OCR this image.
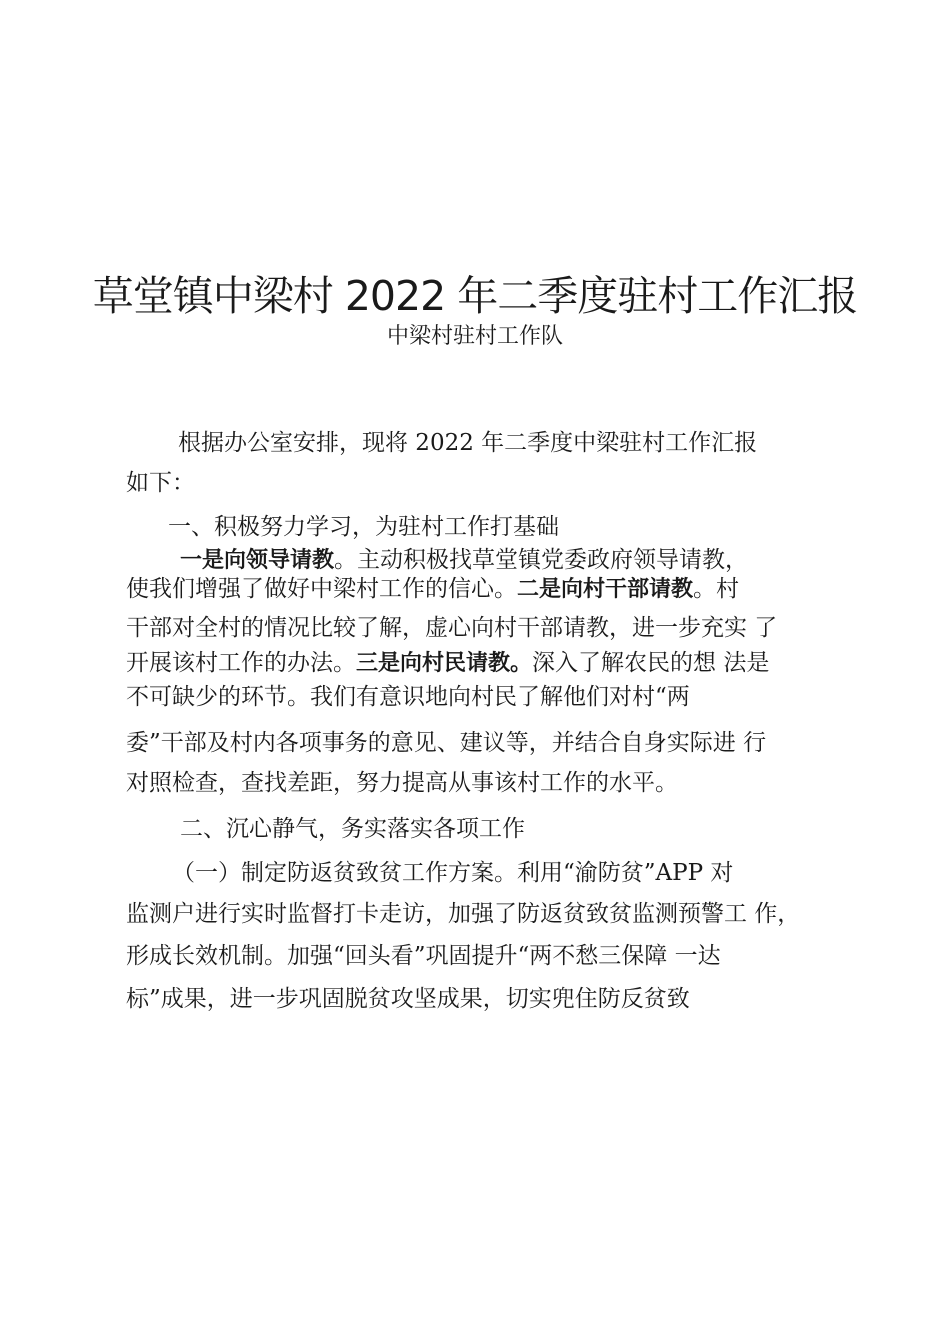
草堂镇中梁村 2022 年二季度驻村工作汇报

中梁村驻村工作队

根据办公室安排，现将 2022 年二季度中梁驻村工作汇报

如下：

一、积极努力学习，为驻村工作打基础

一是向领导请教。主动积极找草堂镇党委政府领导请教，

使我们增强了做好中梁村工作的信心。二是向村干部请教。村

干部对全村的情况比较了解，虚心向村干部请教，进一步充实 了

开展该村工作的办法。三是向村民请教。深入了解农民的想 法是

不可缺少的环节。我们有意识地向村民了解他们对村“两

委”干部及村内各项事务的意见、建议等，并结合自身实际进 行

对照检查，查找差距，努力提高从事该村工作的水平。

二、沉心静气，务实落实各项工作

（一）制定防返贫致贫工作方案。利用“渝防贫”APP 对

监测户进行实时监督打卡走访，加强了防返贫致贫监测预警工 作，

形成长效机制。加强“回头看”巩固提升“两不愁三保障 一达

标”成果，进一步巩固脱贫攻坚成果，切实兜住防反贫致
